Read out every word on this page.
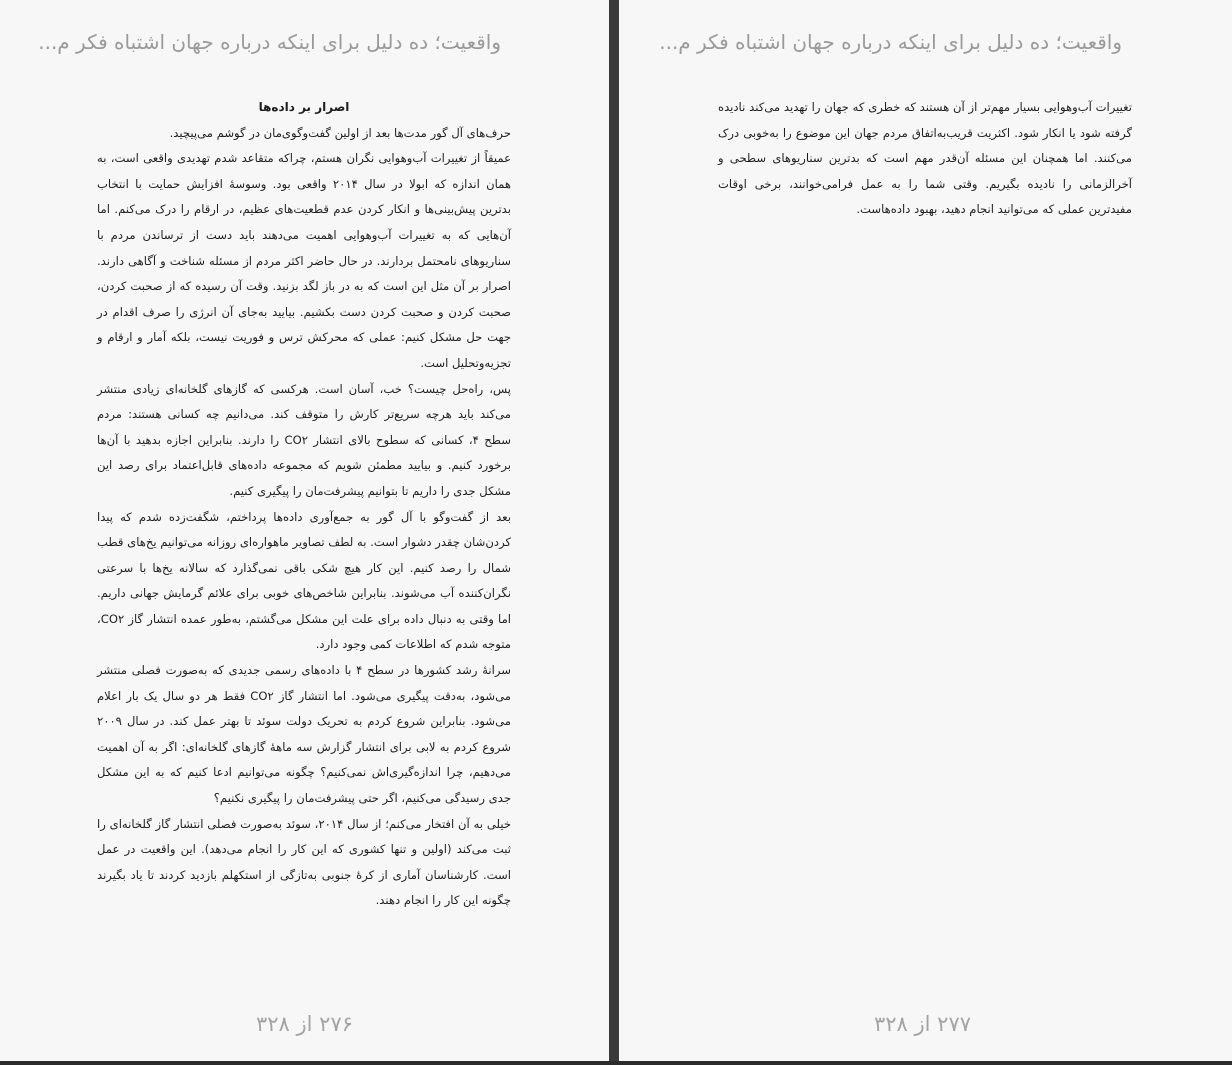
واقعیت؛ ده دلیل برای اینکه درباره جهان اشتباه فکر م...

اصرار بر داده‌ها

حرف‌های آل گور مدت‌ها بعد از اولین گفت‌وگوی‌مان در گوشم می‌پیچید.

عمیقاً از تغییرات آب‌وهوایی نگران هستم، چراکه متقاعد شدم تهدیدی واقعی است، به همان اندازه که ابولا در سال ۲۰۱۴ واقعی بود. وسوسهٔ افزایش حمایت با انتخاب بدترین پیش‌بینی‌ها و انکار کردن عدم قطعیت‌های عظیم، در ارقام را درک می‌کنم. اما آن‌هایی که به تغییرات آب‌وهوایی اهمیت می‌دهند باید دست از ترساندن مردم با سناریوهای نامحتمل بردارند. در حال حاضر اکثر مردم از مسئله شناخت و آگاهی دارند. اصرار بر آن مثل این است که به در باز لگد بزنید. وقت آن رسیده که از صحبت کردن، صحبت کردن و صحبت کردن دست بکشیم. بیایید به‌جای آن انرژی را صرف اقدام در جهت حل مشکل کنیم: عملی که محرکش ترس و فوریت نیست، بلکه آمار و ارقام و تجزیه‌وتحلیل است.

پس، راه‌حل چیست؟ خب، آسان است. هرکسی که گازهای گلخانه‌ای زیادی منتشر می‌کند باید هرچه سریع‌تر کارش را متوقف کند. می‌دانیم چه کسانی هستند: مردم سطح ۴، کسانی که سطوح بالای انتشار CO۲ را دارند. بنابراین اجازه بدهید با آن‌ها برخورد کنیم. و بیایید مطمئن شویم که مجموعه داده‌های قابل‌اعتماد برای رصد این مشکل جدی را داریم تا بتوانیم پیشرفت‌مان را پیگیری کنیم.

بعد از گفت‌وگو با آل گور به جمع‌آوری داده‌ها پرداختم، شگفت‌زده شدم که پیدا کردن‌شان چقدر دشوار است. به لطف تصاویر ماهواره‌ای روزانه می‌توانیم یخ‌های قطب شمال را رصد کنیم. این کار هیچ شکی باقی نمی‌گذارد که سالانه یخ‌ها با سرعتی نگران‌کننده آب می‌شوند. بنابراین شاخص‌های خوبی برای علائم گرمایش جهانی داریم. اما وقتی به دنبال داده برای علت این مشکل می‌گشتم، به‌طور عمده انتشار گاز CO۲، متوجه شدم که اطلاعات کمی وجود دارد.

سرانهٔ رشد کشورها در سطح ۴ با داده‌های رسمی جدیدی که به‌صورت فصلی منتشر می‌شود، به‌دقت پیگیری می‌شود. اما انتشار گاز CO۲ فقط هر دو سال یک بار اعلام می‌شود. بنابراین شروع کردم به تحریک دولت سوئد تا بهتر عمل کند. در سال ۲۰۰۹ شروع کردم به لابی برای انتشار گزارش سه ماههٔ گازهای گلخانه‌ای: اگر به آن اهمیت می‌دهیم، چرا اندازه‌گیری‌اش نمی‌کنیم؟ چگونه می‌توانیم ادعا کنیم که به این مشکل جدی رسیدگی می‌کنیم، اگر حتی پیشرفت‌مان را پیگیری نکنیم؟

خیلی به آن افتخار می‌کنم؛ از سال ۲۰۱۴، سوئد به‌صورت فصلی انتشار گاز گلخانه‌ای را ثبت می‌کند (اولین و تنها کشوری که این کار را انجام می‌دهد). این واقعیت در عمل است. کارشناسان آماری از کرهٔ جنوبی به‌تازگی از استکهلم بازدید کردند تا یاد بگیرند چگونه این کار را انجام دهند.

۲۷۶ از ۳۲۸
واقعیت؛ ده دلیل برای اینکه درباره جهان اشتباه فکر م...

تغییرات آب‌وهوایی بسیار مهم‌تر از آن هستند که خطری که جهان را تهدید می‌کند نادیده گرفته شود یا انکار شود. اکثریت قریب‌به‌اتفاق مردم جهان این موضوع را به‌خوبی درک می‌کنند. اما همچنان این مسئله آن‌قدر مهم است که بدترین سناریوهای سطحی و آخرالزمانی را نادیده بگیریم. وقتی شما را به عمل فرامی‌خوانند، برخی اوقات مفیدترین عملی که می‌توانید انجام دهید، بهبود داده‌هاست.

۲۷۷ از ۳۲۸
